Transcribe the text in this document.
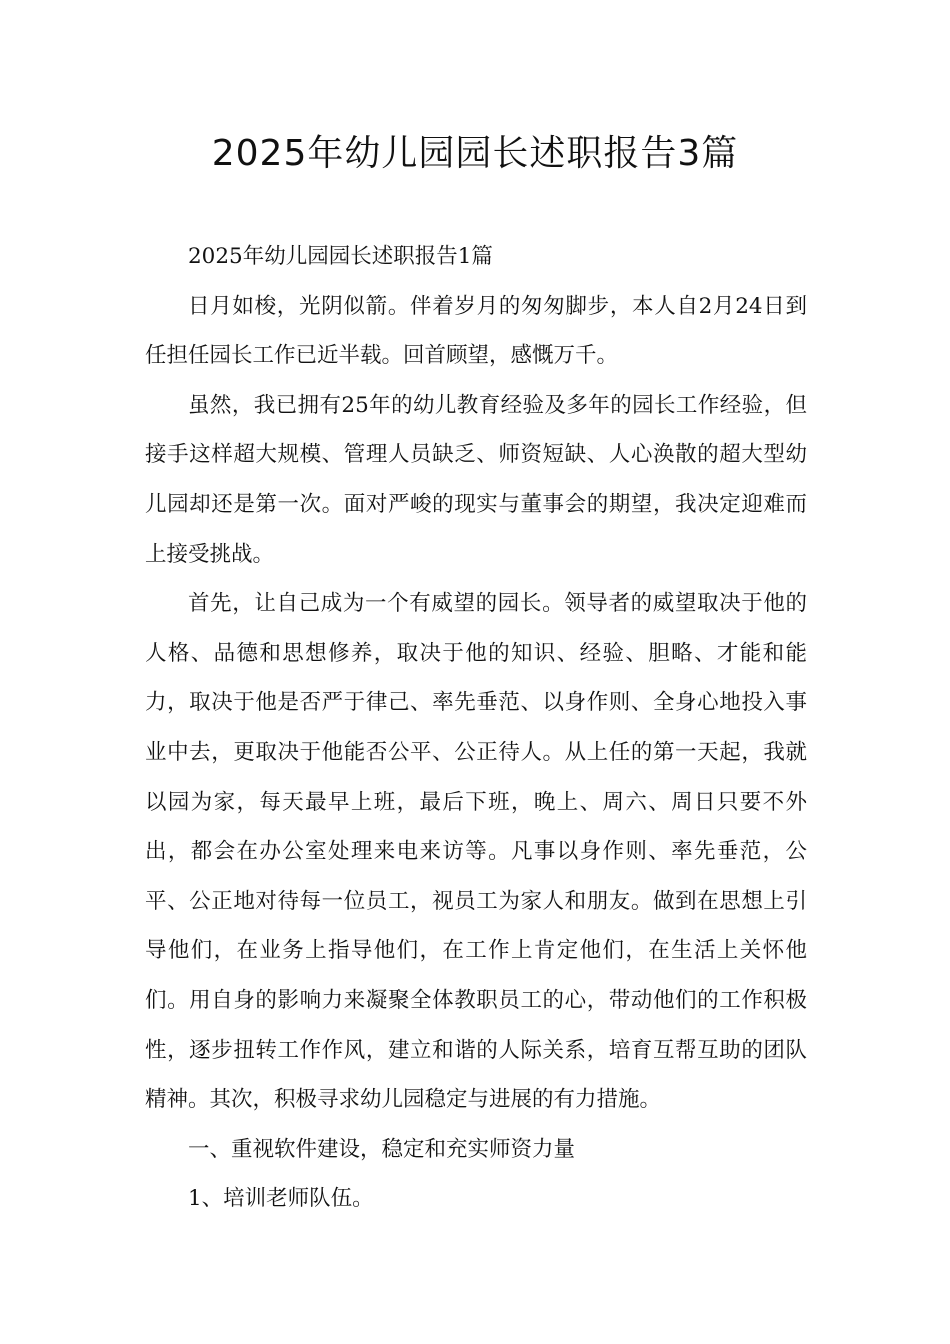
2025年幼儿园园长述职报告3篇

2025年幼儿园园长述职报告1篇

日月如梭，光阴似箭。伴着岁月的匆匆脚步，本人自2月24日到任担任园长工作已近半载。回首顾望，感慨万千。

虽然，我已拥有25年的幼儿教育经验及多年的园长工作经验，但接手这样超大规模、管理人员缺乏、师资短缺、人心涣散的超大型幼儿园却还是第一次。面对严峻的现实与董事会的期望，我决定迎难而上接受挑战。

首先，让自己成为一个有威望的园长。领导者的威望取决于他的人格、品德和思想修养，取决于他的知识、经验、胆略、才能和能力，取决于他是否严于律己、率先垂范、以身作则、全身心地投入事业中去，更取决于他能否公平、公正待人。从上任的第一天起，我就以园为家，每天最早上班，最后下班，晚上、周六、周日只要不外出，都会在办公室处理来电来访等。凡事以身作则、率先垂范，公平、公正地对待每一位员工，视员工为家人和朋友。做到在思想上引导他们，在业务上指导他们，在工作上肯定他们，在生活上关怀他们。用自身的影响力来凝聚全体教职员工的心，带动他们的工作积极性，逐步扭转工作作风，建立和谐的人际关系，培育互帮互助的团队精神。其次，积极寻求幼儿园稳定与进展的有力措施。

一、重视软件建设，稳定和充实师资力量

1、培训老师队伍。
